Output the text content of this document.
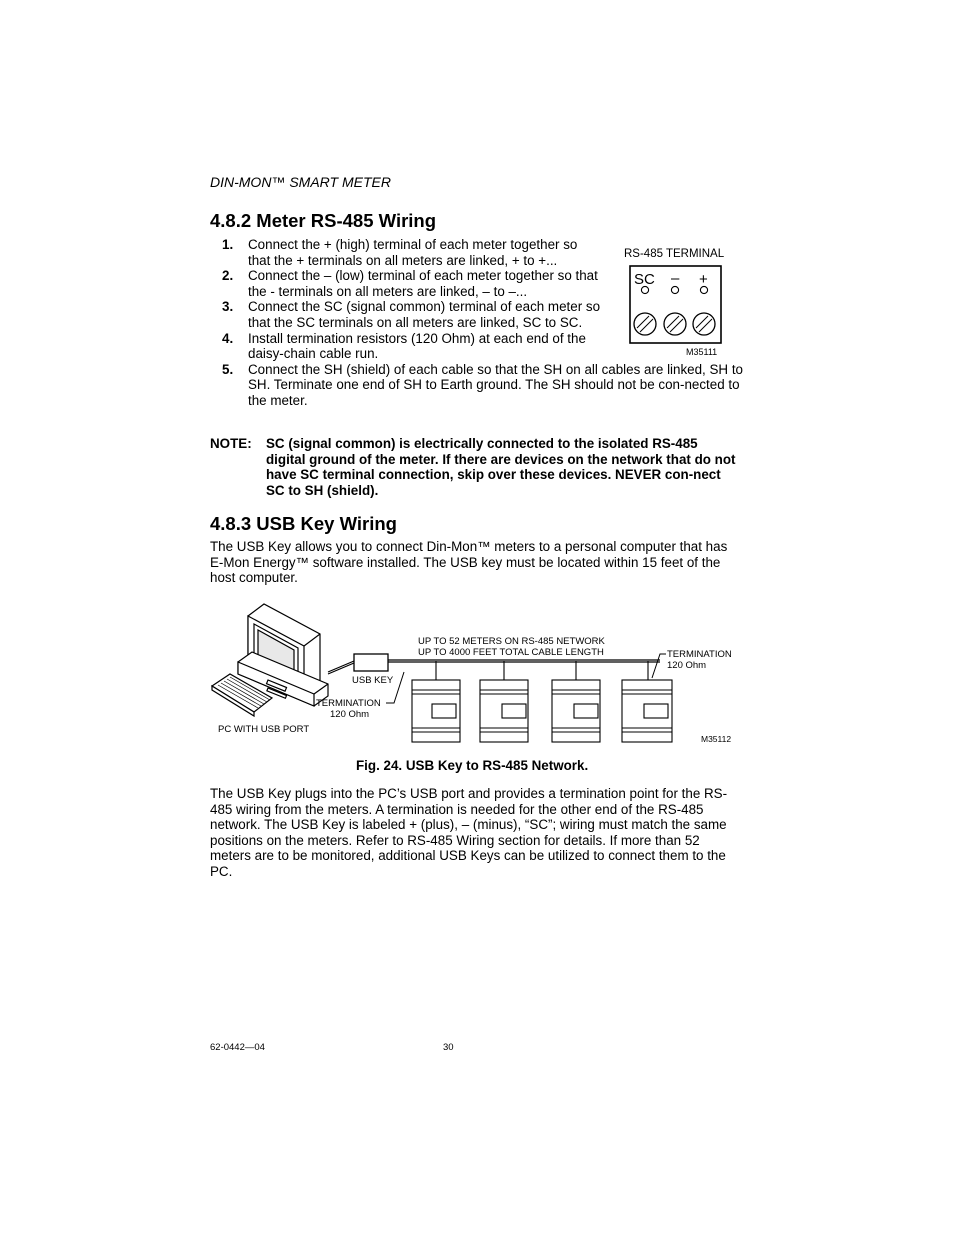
DIN-MON™ SMART METER
4.8.2 Meter RS-485 Wiring
1. Connect the + (high) terminal of each meter together so that the + terminals on all meters are linked, + to +...
2. Connect the – (low) terminal of each meter together so that the - terminals on all meters are linked, – to –...
3. Connect the SC (signal common) terminal of each meter so that the SC terminals on all meters are linked, SC to SC.
4. Install termination resistors (120 Ohm) at each end of the daisy-chain cable run.
5. Connect the SH (shield) of each cable so that the SH on all cables are linked, SH to SH. Terminate one end of SH to Earth ground. The SH should not be con-nected to the meter.
RS-485 TERMINAL
SC – +
M35111
NOTE: SC (signal common) is electrically connected to the isolated RS-485 digital ground of the meter. If there are devices on the network that do not have SC terminal connection, skip over these devices. NEVER con-nect SC to SH (shield).
4.8.3 USB Key Wiring

The USB Key allows you to connect Din-Mon™ meters to a personal computer that has E-Mon Energy™ software installed. The USB key must be located within 15 feet of the host computer.

USB KEY
UP TO 52 METERS ON RS-485 NETWORK
UP TO 4000 FEET TOTAL CABLE LENGTH
TERMINATION
120 Ohm
TERMINATION
120 Ohm
PC WITH USB PORT
M35112
Fig. 24. USB Key to RS-485 Network.

The USB Key plugs into the PC’s USB port and provides a termination point for the RS-485 wiring from the meters. A termination is needed for the other end of the RS-485 network. The USB Key is labeled + (plus), – (minus), “SC”; wiring must match the same positions on the meters. Refer to RS-485 Wiring section for details. If more than 52 meters are to be monitored, additional USB Keys can be utilized to connect them to the PC.

62-0442—04	30
